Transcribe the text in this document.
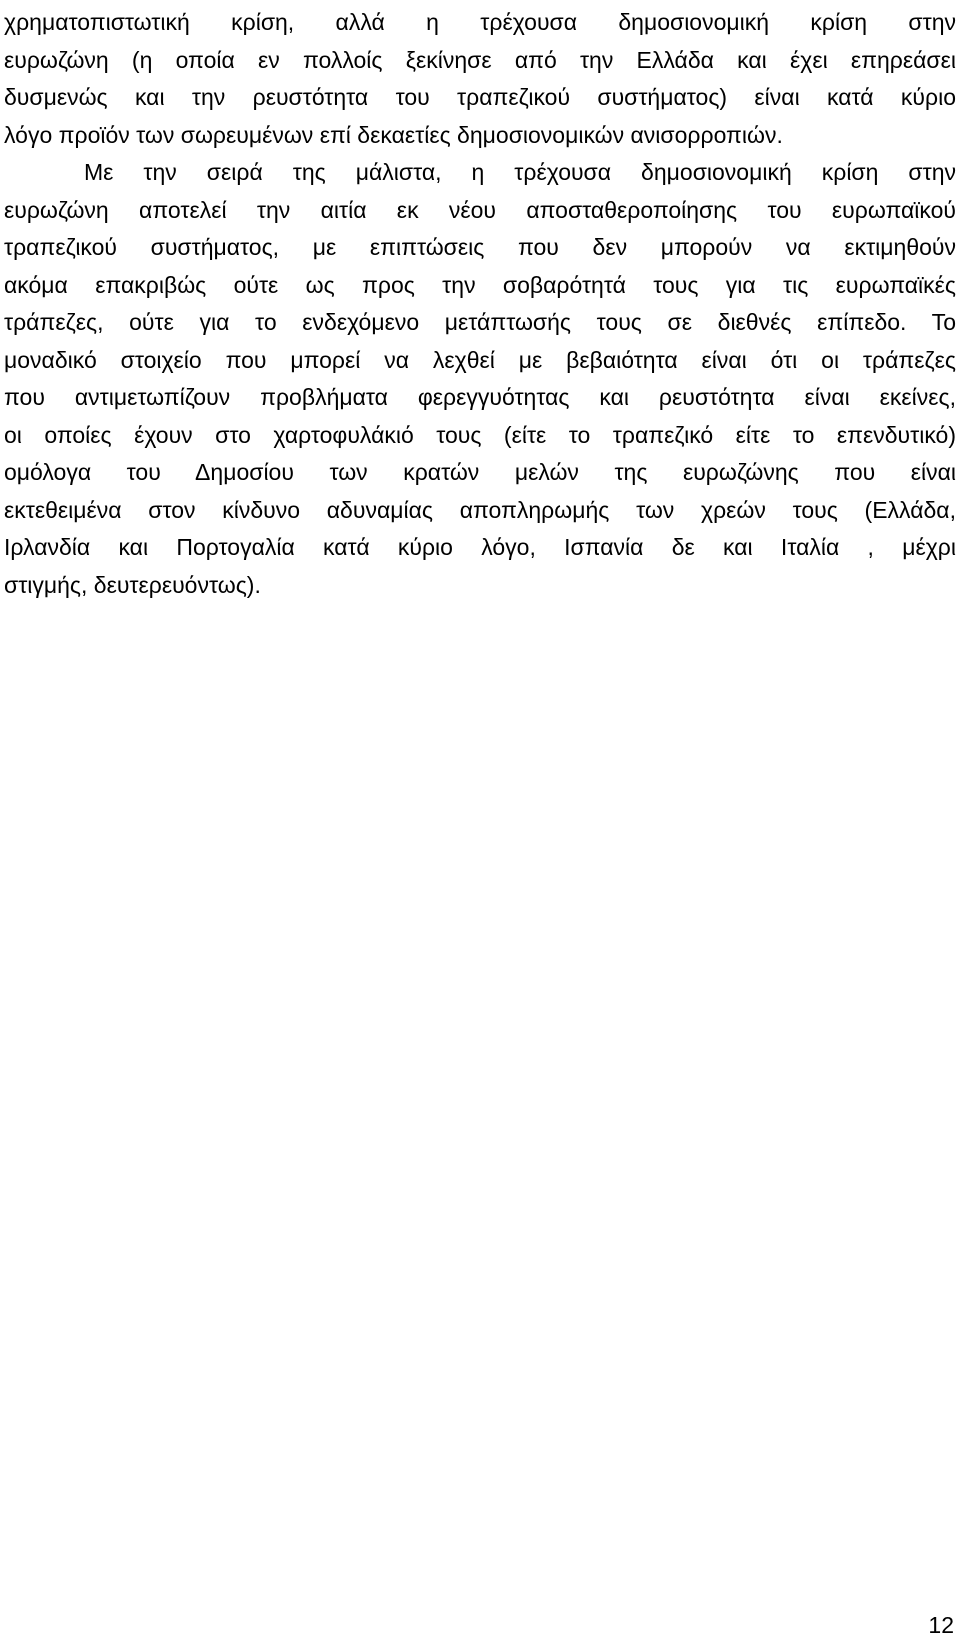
χρηματοπιστωτική κρίση, αλλά η τρέχουσα δημοσιονομική κρίση στην
ευρωζώνη (η οποία εν πολλοίς ξεκίνησε από την Ελλάδα και έχει επηρεάσει
δυσμενώς και την ρευστότητα του τραπεζικού συστήματος) είναι κατά κύριο
λόγο προϊόν των σωρευμένων επί δεκαετίες δημοσιονομικών ανισορροπιών.
Με την σειρά της μάλιστα, η τρέχουσα δημοσιονομική κρίση στην
ευρωζώνη αποτελεί την αιτία εκ νέου αποσταθεροποίησης του ευρωπαϊκού
τραπεζικού συστήματος, με επιπτώσεις που δεν μπορούν να εκτιμηθούν
ακόμα επακριβώς ούτε ως προς την σοβαρότητά τους για τις ευρωπαϊκές
τράπεζες, ούτε για το ενδεχόμενο μετάπτωσής τους σε διεθνές επίπεδο. Το
μοναδικό στοιχείο που μπορεί να λεχθεί με βεβαιότητα είναι ότι οι τράπεζες
που αντιμετωπίζουν προβλήματα φερεγγυότητας και ρευστότητα είναι εκείνες,
οι οποίες έχουν στο χαρτοφυλάκιό τους (είτε το τραπεζικό είτε το επενδυτικό)
ομόλογα του Δημοσίου των κρατών μελών της ευρωζώνης που είναι
εκτεθειμένα στον κίνδυνο αδυναμίας αποπληρωμής των χρεών τους (Ελλάδα,
Ιρλανδία και Πορτογαλία κατά κύριο λόγο, Ισπανία δε και Ιταλία , μέχρι
στιγμής, δευτερευόντως).
12
